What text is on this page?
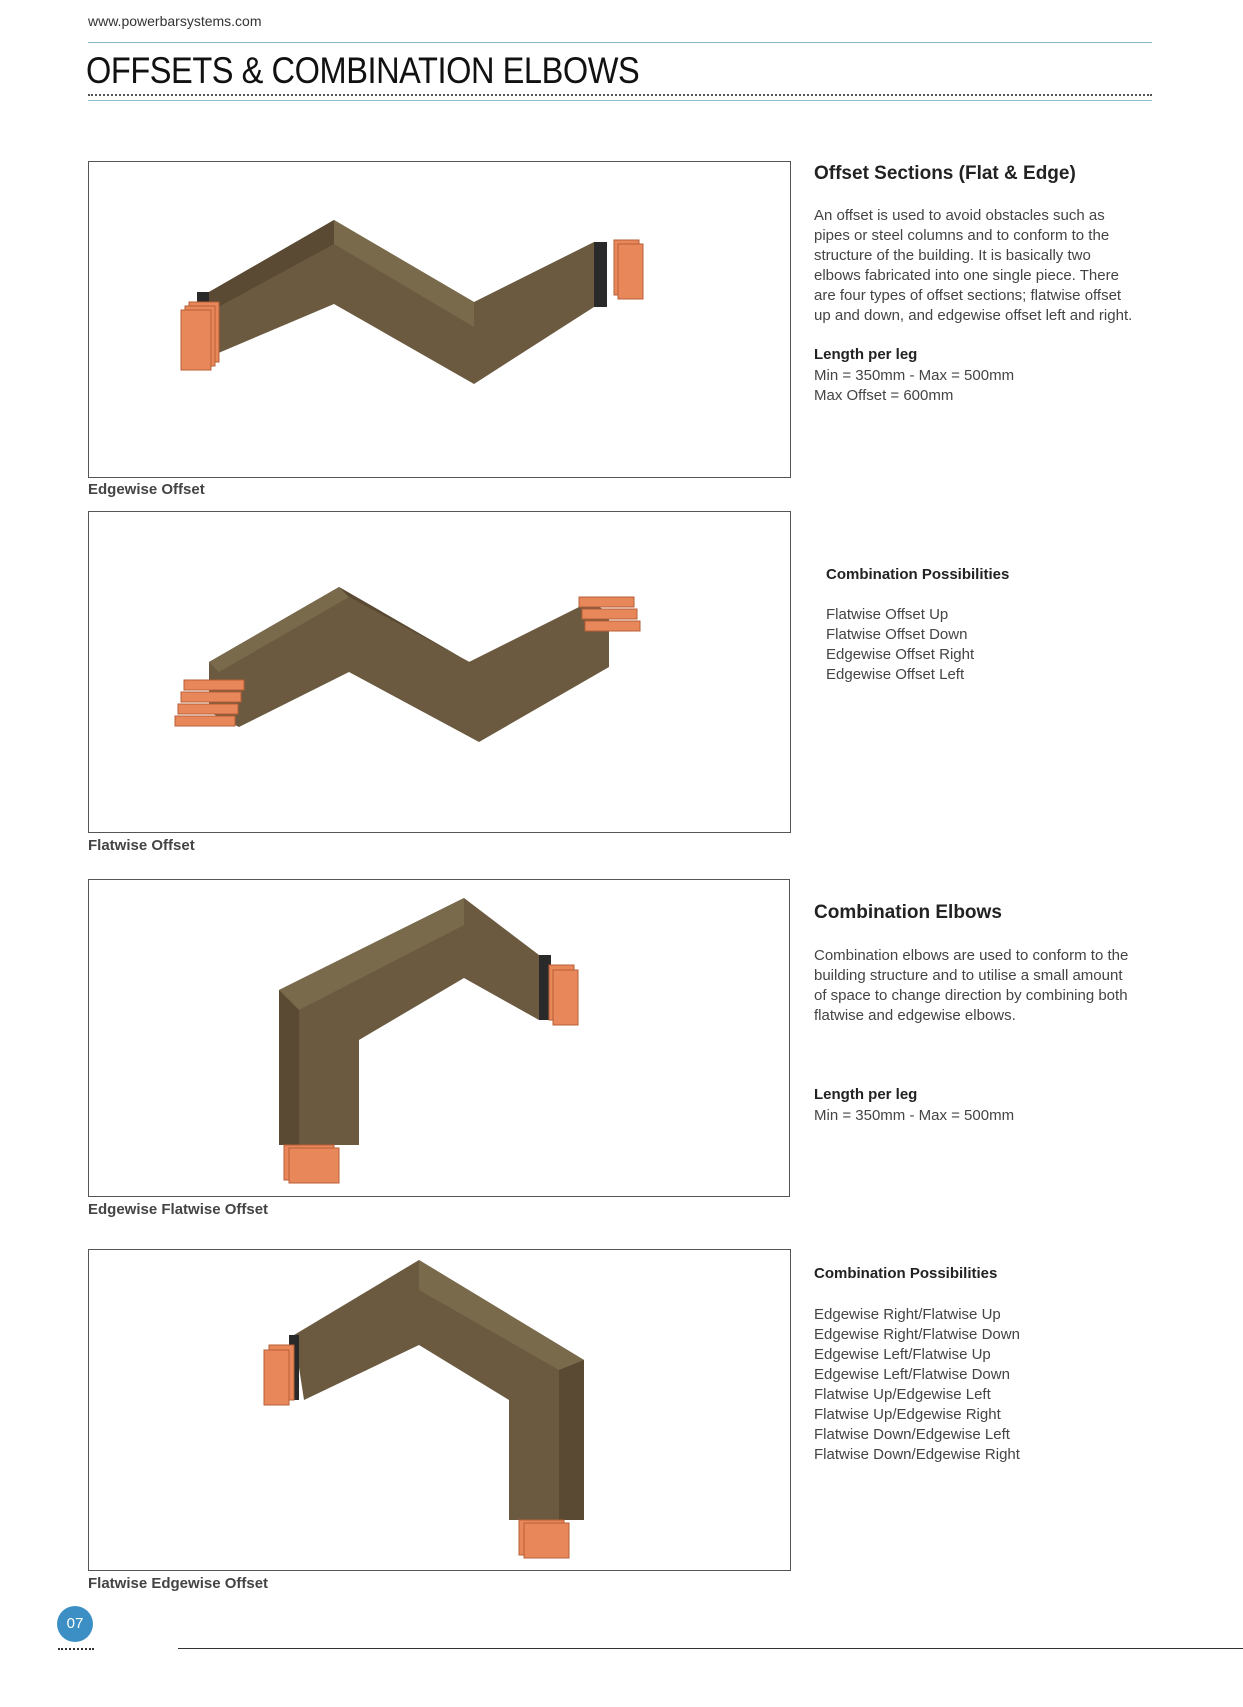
www.powerbarsystems.com
OFFSETS & COMBINATION ELBOWS
Edgewise Offset
Flatwise Offset
Edgewise Flatwise Offset
Flatwise Edgewise Offset
Offset Sections (Flat & Edge)
An offset is used to avoid obstacles such as
pipes or steel columns and to conform to the
structure of the building. It is basically two
elbows fabricated into one single piece. There
are four types of offset sections; flatwise offset
up and down, and edgewise offset left and right.
Length per leg
Min = 350mm - Max = 500mm
Max Offset = 600mm
Combination Possibilities
Flatwise Offset Up
Flatwise Offset Down
Edgewise Offset Right
Edgewise Offset Left
Combination Elbows
Combination elbows are used to conform to the
building structure and to utilise a small amount
of space to change direction by combining both
flatwise and edgewise elbows.
Length per leg
Min = 350mm - Max = 500mm
Combination Possibilities
Edgewise Right/Flatwise Up
Edgewise Right/Flatwise Down
Edgewise Left/Flatwise Up
Edgewise Left/Flatwise Down
Flatwise Up/Edgewise Left
Flatwise Up/Edgewise Right
Flatwise Down/Edgewise Left
Flatwise Down/Edgewise Right
07
